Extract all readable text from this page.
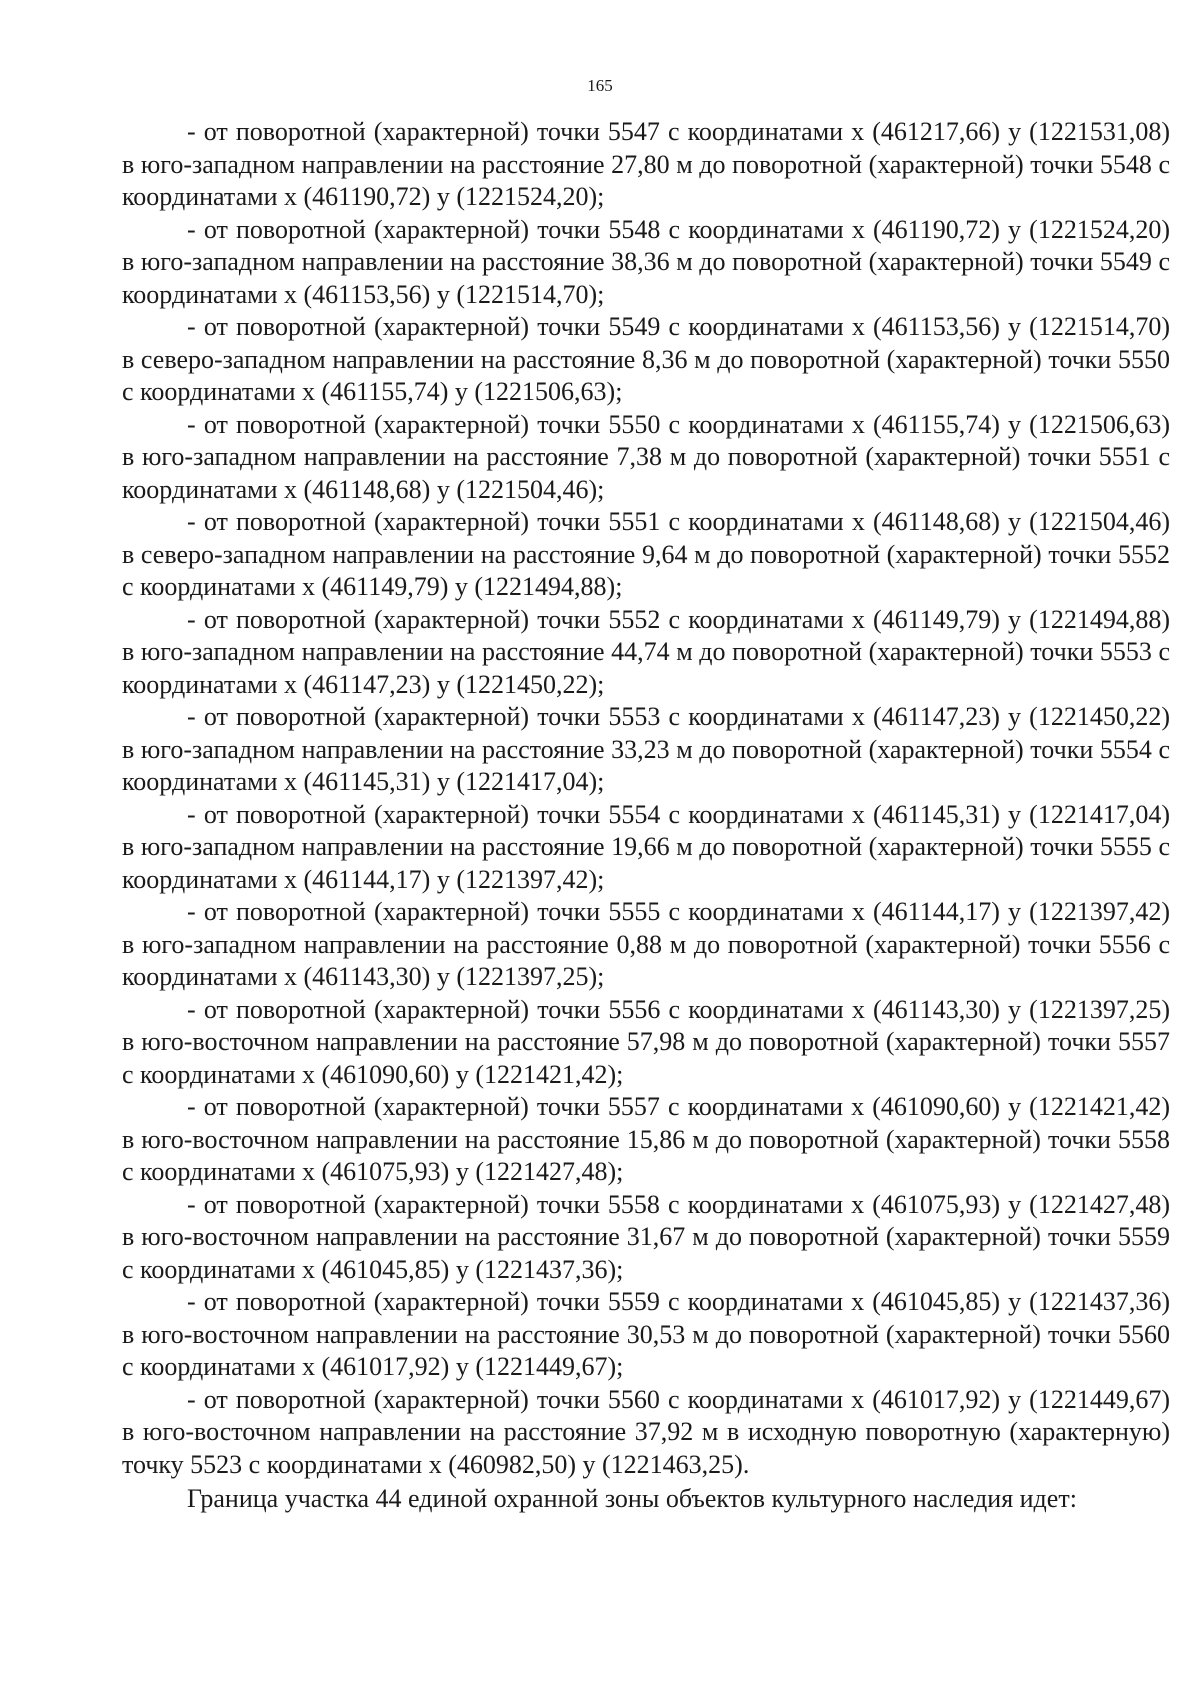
165

- от поворотной (характерной) точки 5547 с координатами х (461217,66) у (1221531,08) в юго-западном направлении на расстояние 27,80 м до поворотной (характерной) точки 5548 с координатами х (461190,72) у (1221524,20);

- от поворотной (характерной) точки 5548 с координатами х (461190,72) у (1221524,20) в юго-западном направлении на расстояние 38,36 м до поворотной (характерной) точки 5549 с координатами х (461153,56) у (1221514,70);

- от поворотной (характерной) точки 5549 с координатами х (461153,56) у (1221514,70) в северо-западном направлении на расстояние 8,36 м до поворотной (характерной) точки 5550 с координатами х (461155,74) у (1221506,63);

- от поворотной (характерной) точки 5550 с координатами х (461155,74) у (1221506,63) в юго-западном направлении на расстояние 7,38 м до поворотной (характерной) точки 5551 с координатами х (461148,68) у (1221504,46);

- от поворотной (характерной) точки 5551 с координатами х (461148,68) у (1221504,46) в северо-западном направлении на расстояние 9,64 м до поворотной (характерной) точки 5552 с координатами х (461149,79) у (1221494,88);

- от поворотной (характерной) точки 5552 с координатами х (461149,79) у (1221494,88) в юго-западном направлении на расстояние 44,74 м до поворотной (характерной) точки 5553 с координатами х (461147,23) у (1221450,22);

- от поворотной (характерной) точки 5553 с координатами х (461147,23) у (1221450,22) в юго-западном направлении на расстояние 33,23 м до поворотной (характерной) точки 5554 с координатами х (461145,31) у (1221417,04);

- от поворотной (характерной) точки 5554 с координатами х (461145,31) у (1221417,04) в юго-западном направлении на расстояние 19,66 м до поворотной (характерной) точки 5555 с координатами х (461144,17) у (1221397,42);

- от поворотной (характерной) точки 5555 с координатами х (461144,17) у (1221397,42) в юго-западном направлении на расстояние 0,88 м до поворотной (характерной) точки 5556 с координатами х (461143,30) у (1221397,25);

- от поворотной (характерной) точки 5556 с координатами х (461143,30) у (1221397,25) в юго-восточном направлении на расстояние 57,98 м до поворотной (характерной) точки 5557 с координатами х (461090,60) у (1221421,42);

- от поворотной (характерной) точки 5557 с координатами х (461090,60) у (1221421,42) в юго-восточном направлении на расстояние 15,86 м до поворотной (характерной) точки 5558 с координатами х (461075,93) у (1221427,48);

- от поворотной (характерной) точки 5558 с координатами х (461075,93) у (1221427,48) в юго-восточном направлении на расстояние 31,67 м до поворотной (характерной) точки 5559 с координатами х (461045,85) у (1221437,36);

- от поворотной (характерной) точки 5559 с координатами х (461045,85) у (1221437,36) в юго-восточном направлении на расстояние 30,53 м до поворотной (характерной) точки 5560 с координатами х (461017,92) у (1221449,67);

- от поворотной (характерной) точки 5560 с координатами х (461017,92) у (1221449,67) в юго-восточном направлении на расстояние 37,92 м в исходную поворотную (характерную) точку 5523 с координатами х (460982,50) у (1221463,25).

Граница участка 44 единой охранной зоны объектов культурного наследия идет:
